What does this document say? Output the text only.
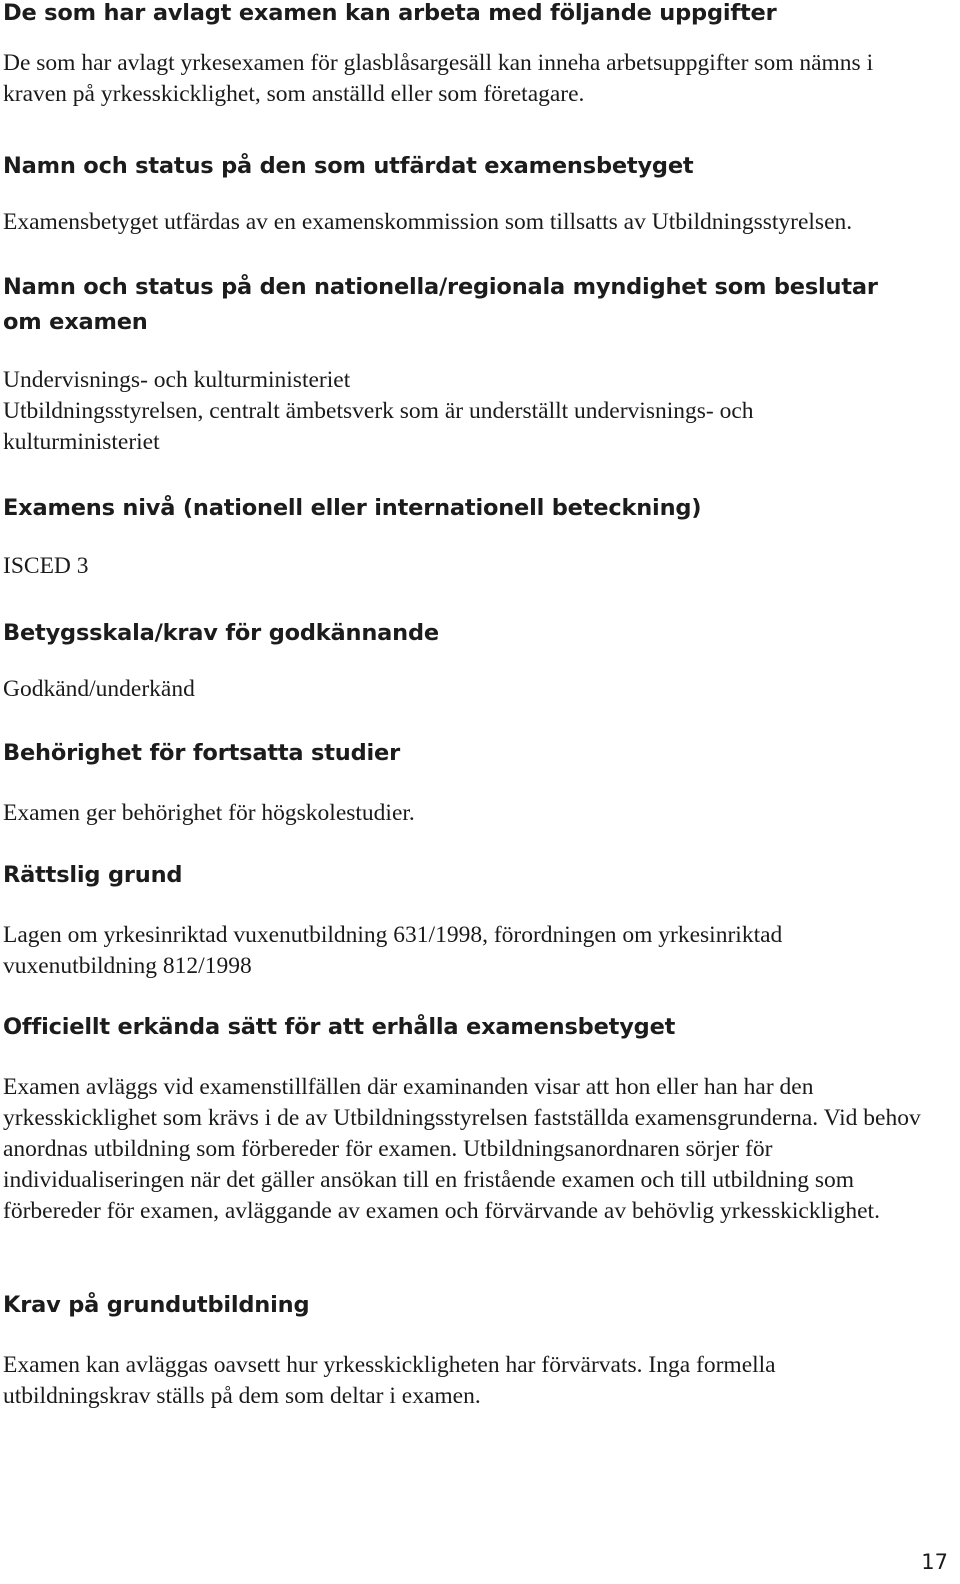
De som har avlagt examen kan arbeta med följande uppgifter

De som har avlagt yrkesexamen för glasblåsargesäll kan inneha arbetsuppgifter som nämns i kraven på yrkesskicklighet, som anställd eller som företagare.

Namn och status på den som utfärdat examensbetyget

Examensbetyget utfärdas av en examenskommission som tillsatts av Utbildningsstyrelsen.

Namn och status på den nationella/regionala myndighet som beslutar om examen

Undervisnings- och kulturministeriet

Utbildningsstyrelsen, centralt ämbetsverk som är underställt undervisnings- och kulturministeriet

Examens nivå (nationell eller internationell beteckning)

ISCED 3

Betygsskala/krav för godkännande

Godkänd/underkänd

Behörighet för fortsatta studier

Examen ger behörighet för högskolestudier.

Rättslig grund

Lagen om yrkesinriktad vuxenutbildning 631/1998, förordningen om yrkesinriktad vuxenutbildning 812/1998

Officiellt erkända sätt för att erhålla examensbetyget

Examen avläggs vid examenstillfällen där examinanden visar att hon eller han har den yrkesskicklighet som krävs i de av Utbildningsstyrelsen fastställda examensgrunderna. Vid behov anordnas utbildning som förbereder för examen. Utbildningsanordnaren sörjer för individualiseringen när det gäller ansökan till en fristående examen och till utbildning som förbereder för examen, avläggande av examen och förvärvande av behövlig yrkesskicklighet.

Krav på grundutbildning

Examen kan avläggas oavsett hur yrkesskickligheten har förvärvats. Inga formella utbildningskrav ställs på dem som deltar i examen.

17
